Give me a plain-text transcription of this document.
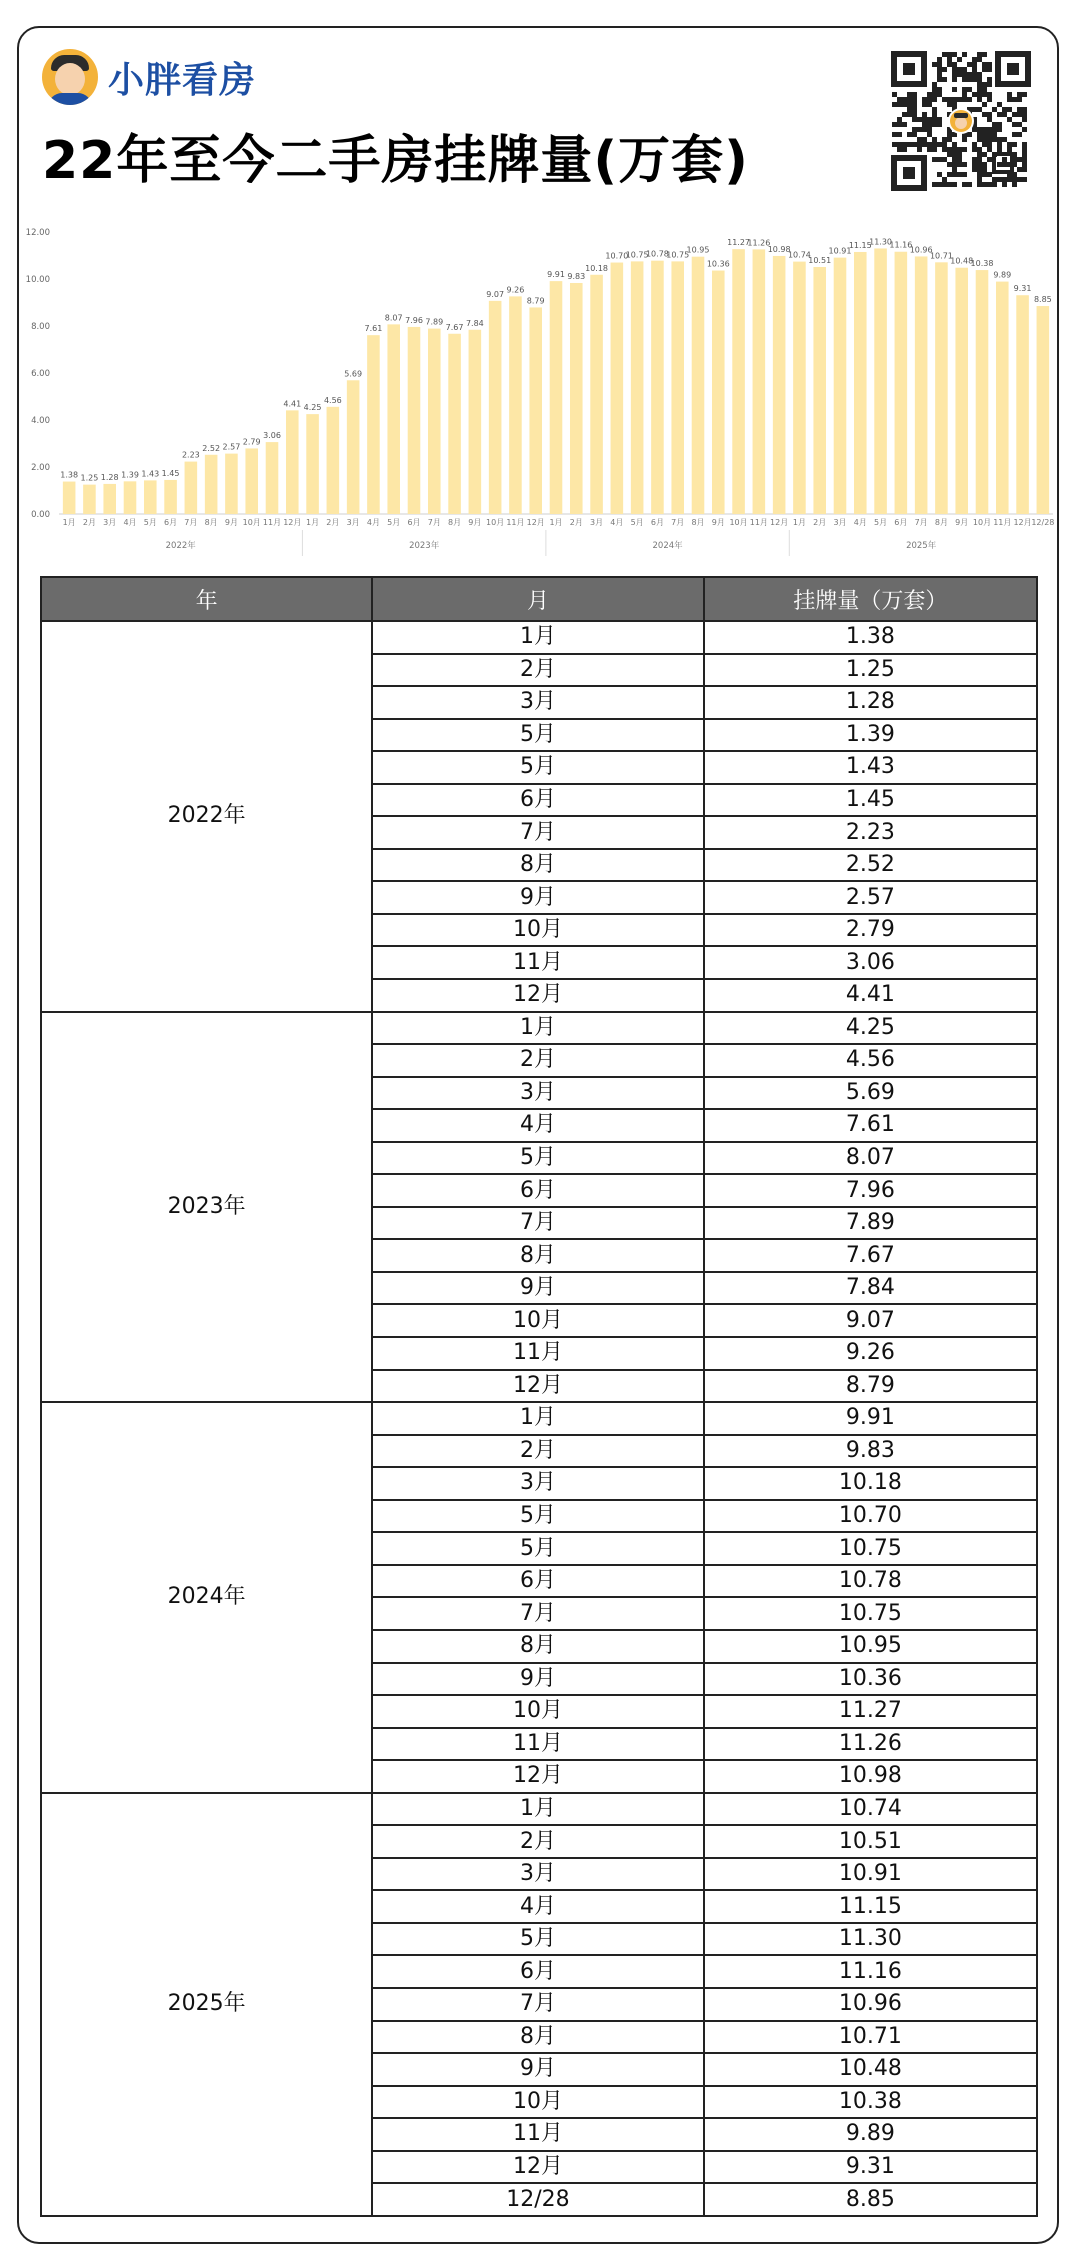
小胖看房
22年至今二手房挂牌量(万套)
0.00
2.00
4.00
6.00
8.00
10.00
12.00
1.38
1月
1.25
2月
1.28
3月
1.39
4月
1.43
5月
1.45
6月
2.23
7月
2.52
8月
2.57
9月
2.79
10月
3.06
11月
4.41
12月
4.25
1月
4.56
2月
5.69
3月
7.61
4月
8.07
5月
7.96
6月
7.89
7月
7.67
8月
7.84
9月
9.07
10月
9.26
11月
8.79
12月
9.91
1月
9.83
2月
10.18
3月
10.70
4月
10.75
5月
10.78
6月
10.75
7月
10.95
8月
10.36
9月
11.27
10月
11.26
11月
10.98
12月
10.74
1月
10.51
2月
10.91
3月
11.15
4月
11.30
5月
11.16
6月
10.96
7月
10.71
8月
10.48
9月
10.38
10月
9.89
11月
9.31
12月
8.85
12/28
2022年	2023年	2024年	2025年
年	月	挂牌量（万套）
2022年	1月	1.38
	2月	1.25
	3月	1.28
	5月	1.39
	5月	1.43
	6月	1.45
	7月	2.23
	8月	2.52
	9月	2.57
	10月	2.79
	11月	3.06
	12月	4.41
2023年	1月	4.25
	2月	4.56
	3月	5.69
	4月	7.61
	5月	8.07
	6月	7.96
	7月	7.89
	8月	7.67
	9月	7.84
	10月	9.07
	11月	9.26
	12月	8.79
2024年	1月	9.91
	2月	9.83
	3月	10.18
	5月	10.70
	5月	10.75
	6月	10.78
	7月	10.75
	8月	10.95
	9月	10.36
	10月	11.27
	11月	11.26
	12月	10.98
2025年	1月	10.74
	2月	10.51
	3月	10.91
	4月	11.15
	5月	11.30
	6月	11.16
	7月	10.96
	8月	10.71
	9月	10.48
	10月	10.38
	11月	9.89
	12月	9.31
	12/28	8.85
